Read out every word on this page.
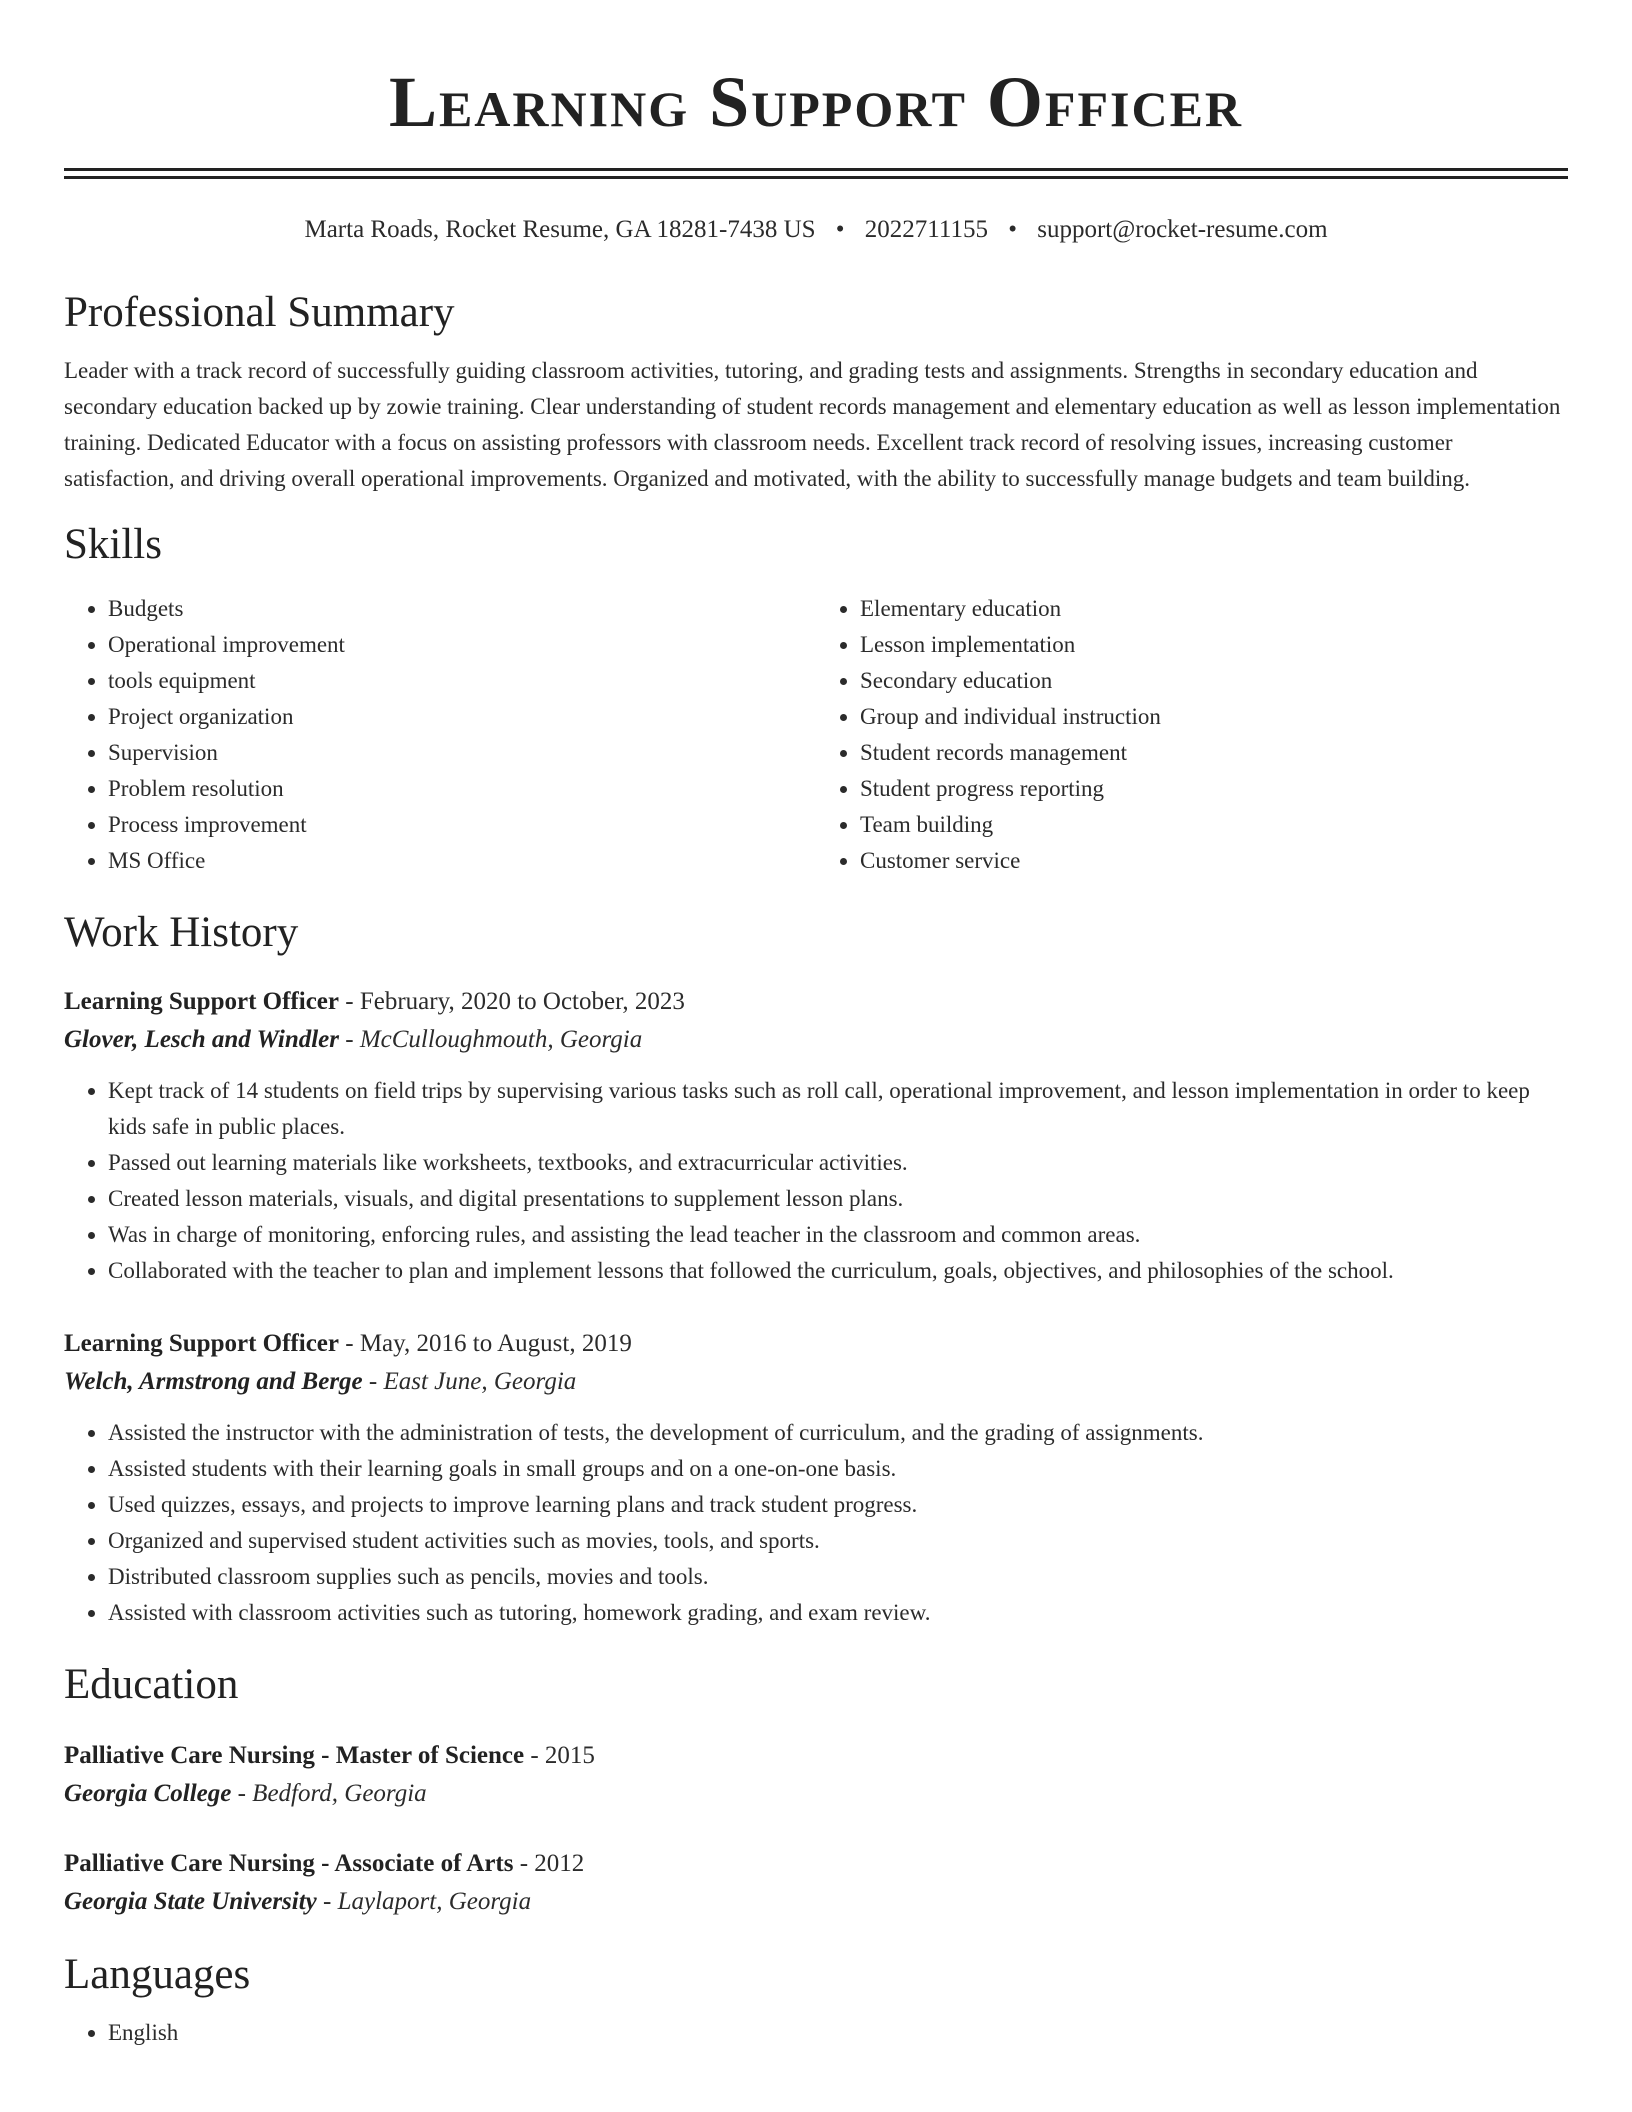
Learning Support Officer
Marta Roads, Rocket Resume, GA 18281-7438 US • 2022711155 • support@rocket-resume.com
Professional Summary

Leader with a track record of successfully guiding classroom activities, tutoring, and grading tests and assignments. Strengths in secondary education and secondary education backed up by zowie training. Clear understanding of student records management and elementary education as well as lesson implementation training. Dedicated Educator with a focus on assisting professors with classroom needs. Excellent track record of resolving issues, increasing customer satisfaction, and driving overall operational improvements. Organized and motivated, with the ability to successfully manage budgets and team building.

Skills
• Budgets
• Operational improvement
• tools equipment
• Project organization
• Supervision
• Problem resolution
• Process improvement
• MS Office
• Elementary education
• Lesson implementation
• Secondary education
• Group and individual instruction
• Student records management
• Student progress reporting
• Team building
• Customer service
Work History
Learning Support Officer - February, 2020 to October, 2023
Glover, Lesch and Windler - McCulloughmouth, Georgia
• Kept track of 14 students on field trips by supervising various tasks such as roll call, operational improvement, and lesson implementation in order to keep kids safe in public places.
• Passed out learning materials like worksheets, textbooks, and extracurricular activities.
• Created lesson materials, visuals, and digital presentations to supplement lesson plans.
• Was in charge of monitoring, enforcing rules, and assisting the lead teacher in the classroom and common areas.
• Collaborated with the teacher to plan and implement lessons that followed the curriculum, goals, objectives, and philosophies of the school.
Learning Support Officer - May, 2016 to August, 2019
Welch, Armstrong and Berge - East June, Georgia
• Assisted the instructor with the administration of tests, the development of curriculum, and the grading of assignments.
• Assisted students with their learning goals in small groups and on a one-on-one basis.
• Used quizzes, essays, and projects to improve learning plans and track student progress.
• Organized and supervised student activities such as movies, tools, and sports.
• Distributed classroom supplies such as pencils, movies and tools.
• Assisted with classroom activities such as tutoring, homework grading, and exam review.
Education
Palliative Care Nursing - Master of Science - 2015
Georgia College - Bedford, Georgia
Palliative Care Nursing - Associate of Arts - 2012
Georgia State University - Laylaport, Georgia
Languages
• English
